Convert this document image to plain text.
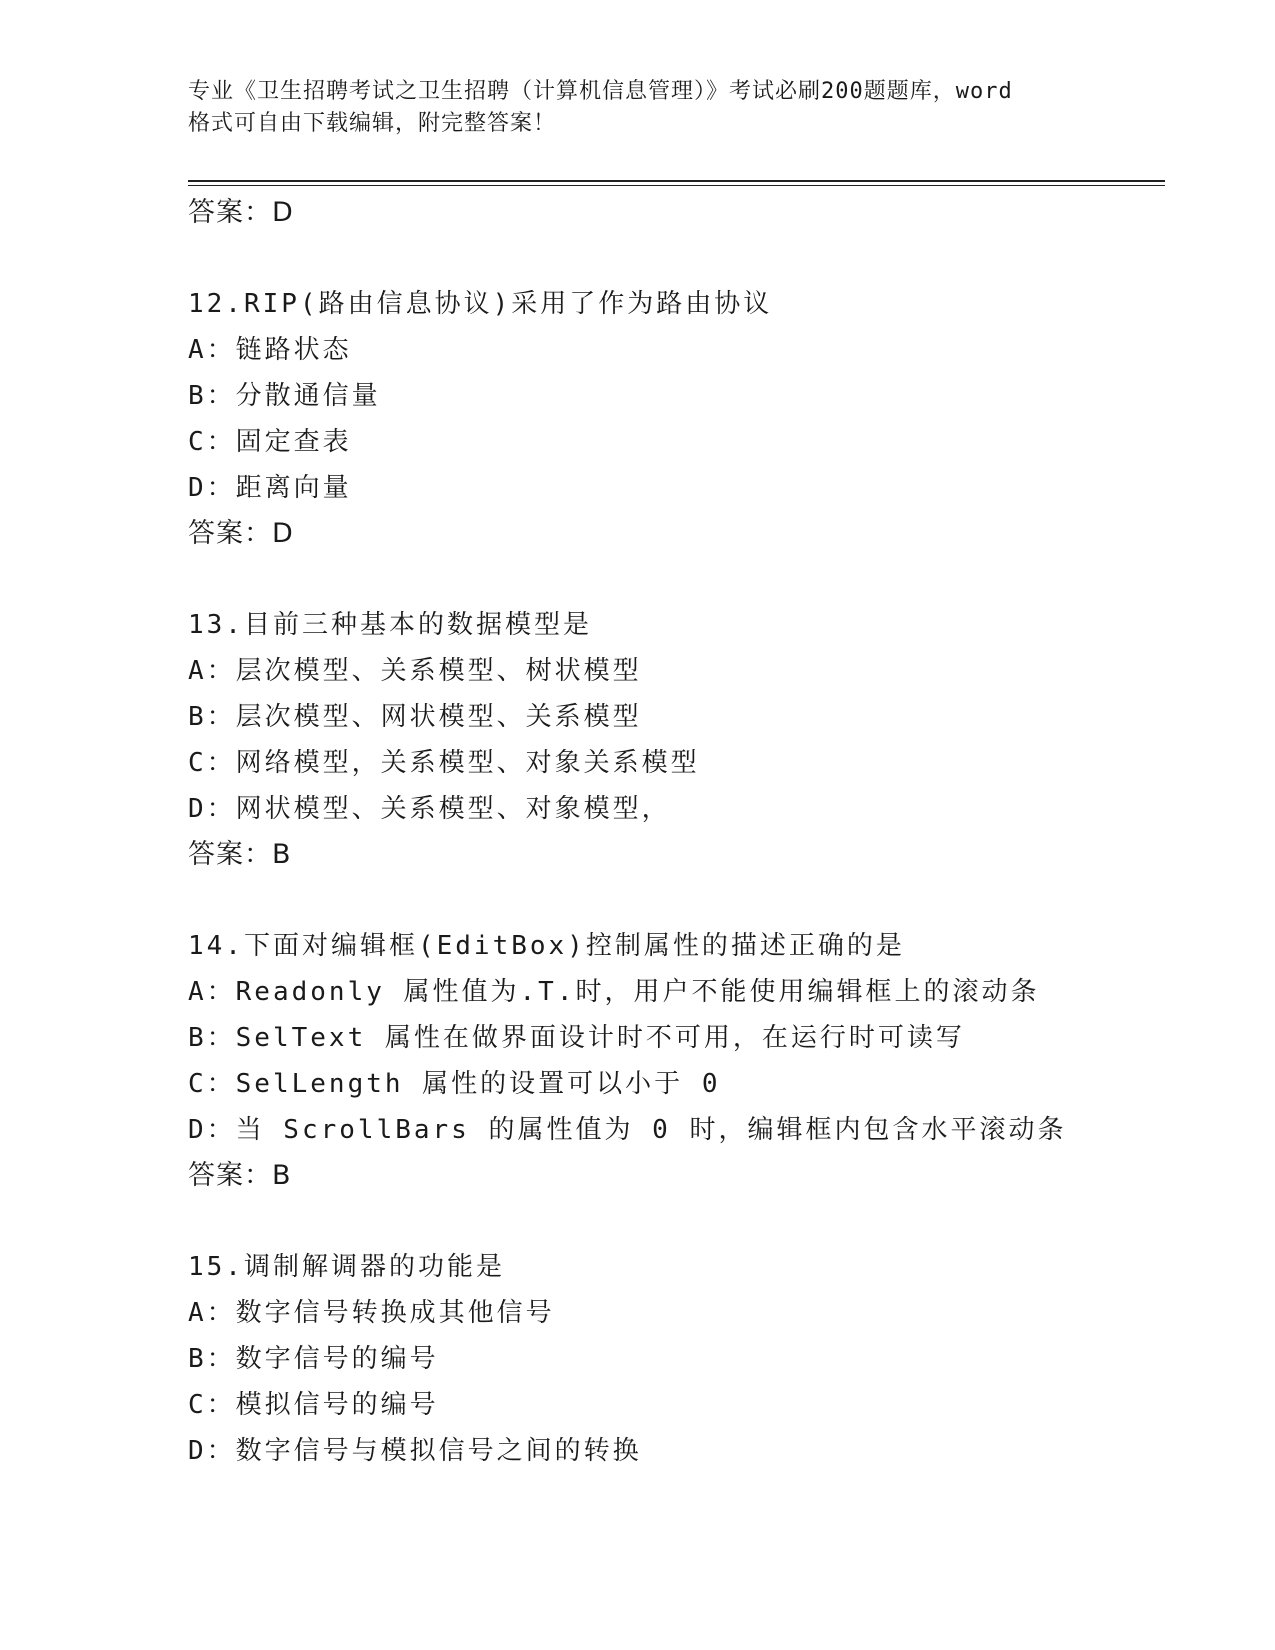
专业《卫生招聘考试之卫生招聘（计算机信息管理）》考试必刷200题题库，word
格式可自由下载编辑，附完整答案！
答案：D
12.RIP(路由信息协议)采用了作为路由协议
A：链路状态
B：分散通信量
C：固定查表
D：距离向量
答案：D
13.目前三种基本的数据模型是
A：层次模型、关系模型、树状模型
B：层次模型、网状模型、关系模型
C：网络模型，关系模型、对象关系模型
D：网状模型、关系模型、对象模型，
答案：B
14.下面对编辑框(EditBox)控制属性的描述正确的是
A：Readonly 属性值为.T.时，用户不能使用编辑框上的滚动条
B：SelText 属性在做界面设计时不可用，在运行时可读写
C：SelLength 属性的设置可以小于 0
D：当 ScrollBars 的属性值为 0 时，编辑框内包含水平滚动条
答案：B
15.调制解调器的功能是
A：数字信号转换成其他信号
B：数字信号的编号
C：模拟信号的编号
D：数字信号与模拟信号之间的转换
